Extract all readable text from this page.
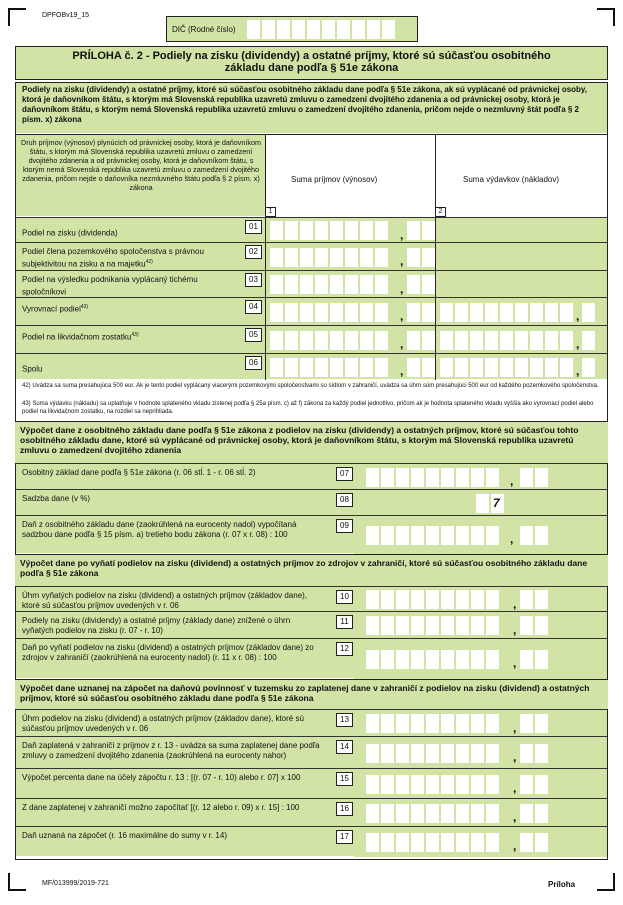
DPFOBv19_15
DIČ (Rodné číslo)
PRÍLOHA č. 2 - Podiely na zisku (dividendy) a ostatné príjmy, ktoré sú súčasťou osobitného
základu dane podľa § 51e zákona
Podiely na zisku (dividendy) a ostatné príjmy, ktoré sú súčasťou osobitného základu dane podľa § 51e zákona, ak sú vyplácané od právnickej osoby, ktorá je daňovníkom štátu, s ktorým má Slovenská republika uzavretú zmluvu o zamedzení dvojitého zdanenia a od právnickej osoby, ktorá je daňovníkom štátu, s ktorým nemá Slovenská republika uzavretú zmluvu o zamedzení dvojitého zdanenia, pričom nejde o nezmluvný štát podľa § 2 písm. x) zákona
Druh príjmov (výnosov) plynúcich od právnickej osoby, ktorá je daňovníkom štátu, s ktorým má Slovenská republika uzavretú zmluvu o zamedzení dvojitého zdanenia a od právnickej osoby, ktorá je daňovníkom štátu, s ktorým nemá Slovenská republika uzavretú zmluvu o zamedzení dvojitého zdanenia, pričom nejde o daňovníka nezmluvného štátu podľa § 2 písm. x) zákona
Suma príjmov (výnosov)	Suma výdavkov (nákladov)
1	2
Podiel na zisku (dividenda)
01
,
Podiel člena pozemkového spoločenstva s právnou subjektivitou na zisku a na majetku$^{42)}$
02
,
Podiel na výsledku podnikania vyplácaný tichému spoločníkovi
03
,
Vyrovnací podiel$^{43)}$	04
,	,
Podiel na likvidačnom zostatku$^{43)}$	05
,	,
Spolu
06
,	,
42) Uvádza sa suma presahujúca 500 eur. Ak je tento podiel vyplácaný viacerými pozemkovými spoločenstvami so sídlom v zahraničí, uvádza sa úhrn súm presahujúci 500 eur od každého pozemkového spoločenstva.
43) Suma výdavku (nákladu) sa uplatňuje v hodnote splateného vkladu zistenej podľa § 25a písm. c) až f) zákona za každý podiel jednotlivo, pričom ak je hodnota splateného vkladu vyššia ako vyrovnací podiel alebo podiel na likvidačnom zostatku, na rozdiel sa neprihliada.
Výpočet dane z osobitného základu dane podľa § 51e zákona z podielov na zisku (dividendy) a ostatných príjmov, ktoré sú súčasťou tohto osobitného základu dane, ktoré sú vyplácané od právnickej osoby, ktorá je daňovníkom štátu, s ktorým má Slovenská republika uzavretú zmluvu o zamedzení dvojitého zdanenia
Osobitný základ dane podľa § 51e zákona (r. 06 stĺ. 1 - r. 06 stĺ. 2)	07
,
Sadzba dane (v %)	08	7
Daň z osobitného základu dane (zaokrúhlená na eurocenty nadol) vypočítaná sadzbou dane podľa § 15 písm. a) tretieho bodu zákona (r. 07 x r. 08) : 100
09
,
Výpočet dane po vyňatí podielov na zisku (dividend) a ostatných príjmov zo zdrojov v zahraničí, ktoré sú súčasťou osobitného základu dane podľa § 51e zákona
Úhrn vyňatých podielov na zisku (dividend) a ostatných príjmov (základov dane), ktoré sú súčasťou príjmov uvedených v r. 06
10	,
Podiely na zisku (dividendy) a ostatné príjmy (základy dane) znížené o úhrn vyňatých podielov na zisku (r. 07 - r. 10)
11
,
Daň po vyňatí podielov na zisku (dividend) a ostatných príjmov (základov dane) zo zdrojov v zahraničí (zaokrúhlená na eurocenty nadol) (r. 11 x r. 08) : 100
12
,
Výpočet dane uznanej na zápočet na daňovú povinnosť v tuzemsku zo zaplatenej dane v zahraničí z podielov na zisku (dividend) a ostatných príjmov, ktoré sú súčasťou osobitného základu dane podľa § 51e zákona
Úhrn podielov na zisku (dividend) a ostatných príjmov (základov dane), ktoré sú súčasťou príjmov uvedených v r. 06
13
,
Daň zaplatená v zahraničí z príjmov z r. 13 - uvádza sa suma zaplatenej dane podľa zmluvy o zamedzení dvojitého zdanenia (zaokrúhlená na eurocenty nahor)
14
,
Výpočet percenta dane na účely zápočtu r. 13 : [(r. 07 - r. 10) alebo r. 07] x 100	15
,
Z dane zaplatenej v zahraničí možno započítať [(r. 12 alebo r. 09) x r. 15] : 100	16
,
Daň uznaná na zápočet (r. 16 maximálne do sumy v r. 14)	17
,
MF/013999/2019-721	Príloha
